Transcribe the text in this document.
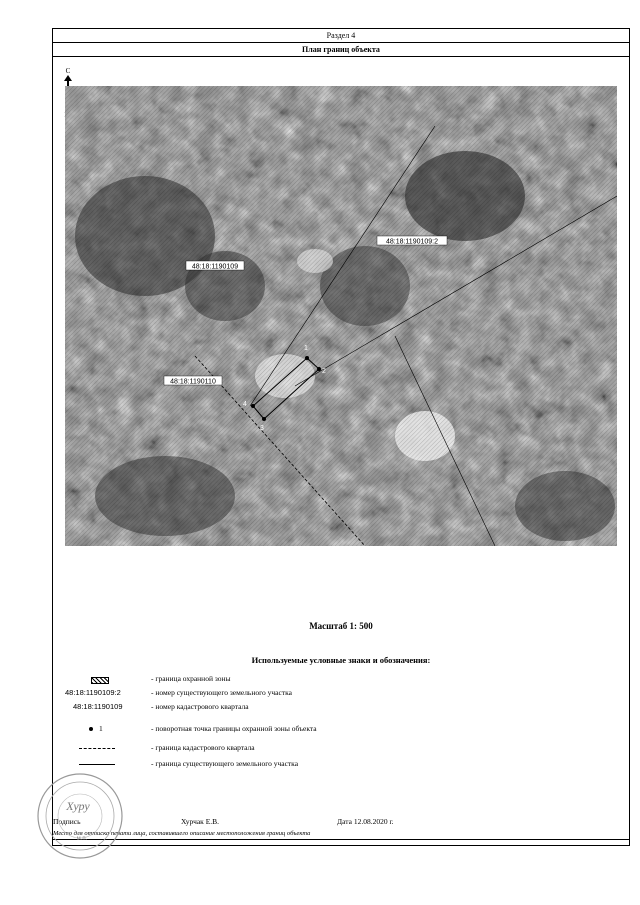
Раздел 4
План границ объекта
С
48:18:1190109:2
48:18:1190109
48:18:1190110
1
2
3
4
Масштаб 1: 500
Используемые условные знаки и обозначения:
- граница охранной зоны
48:18:1190109:2	- номер существующего земельного участка
48:18:1190109	- номер кадастрового квартала
1	- поворотная точка границы охранной зоны объекта
- граница кадастрового квартала
- граница существующего земельного участка
Подпись	Хурчак Е.В.	Дата 12.08.2020 г.
Место для оттиска печати лица, составившего описание местоположения границ объекта
Хуру
м.п.
